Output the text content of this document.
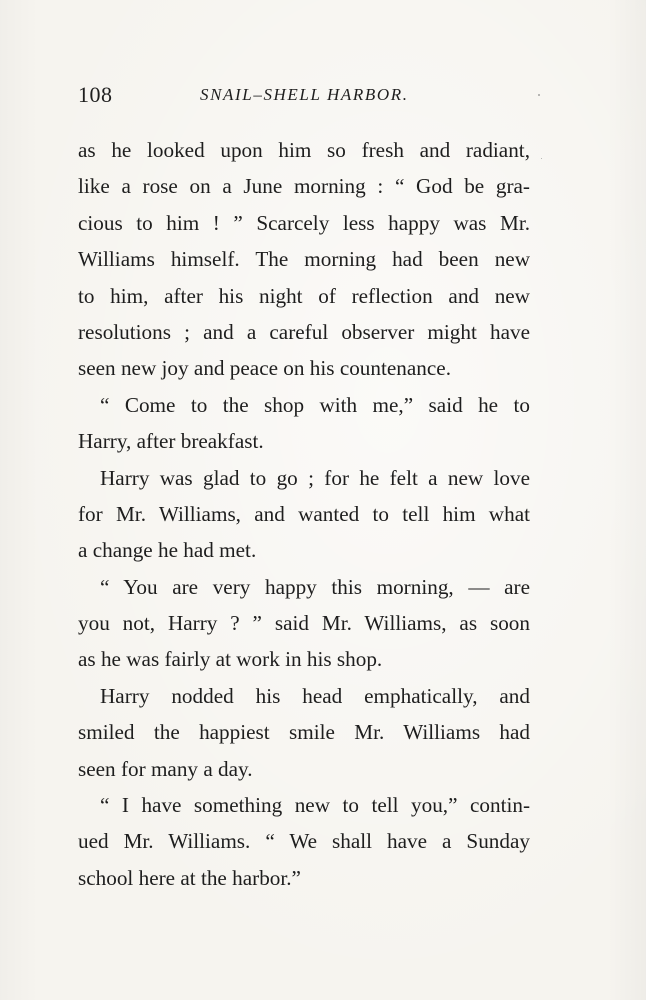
108	SNAIL–SHELL HARBOR.
as he looked upon him so fresh and radiant,
like a rose on a June morning : “ God be gra-
cious to him ! ” Scarcely less happy was Mr.
Williams himself. The morning had been new
to him, after his night of reflection and new
resolutions ; and a careful observer might have
seen new joy and peace on his countenance.
“ Come to the shop with me,” said he to
Harry, after breakfast.
Harry was glad to go ; for he felt a new love
for Mr. Williams, and wanted to tell him what
a change he had met.
“ You are very happy this morning, — are
you not, Harry ? ” said Mr. Williams, as soon
as he was fairly at work in his shop.
Harry nodded his head emphatically, and
smiled the happiest smile Mr. Williams had
seen for many a day.
“ I have something new to tell you,” contin-
ued Mr. Williams. “ We shall have a Sunday
school here at the harbor.”
